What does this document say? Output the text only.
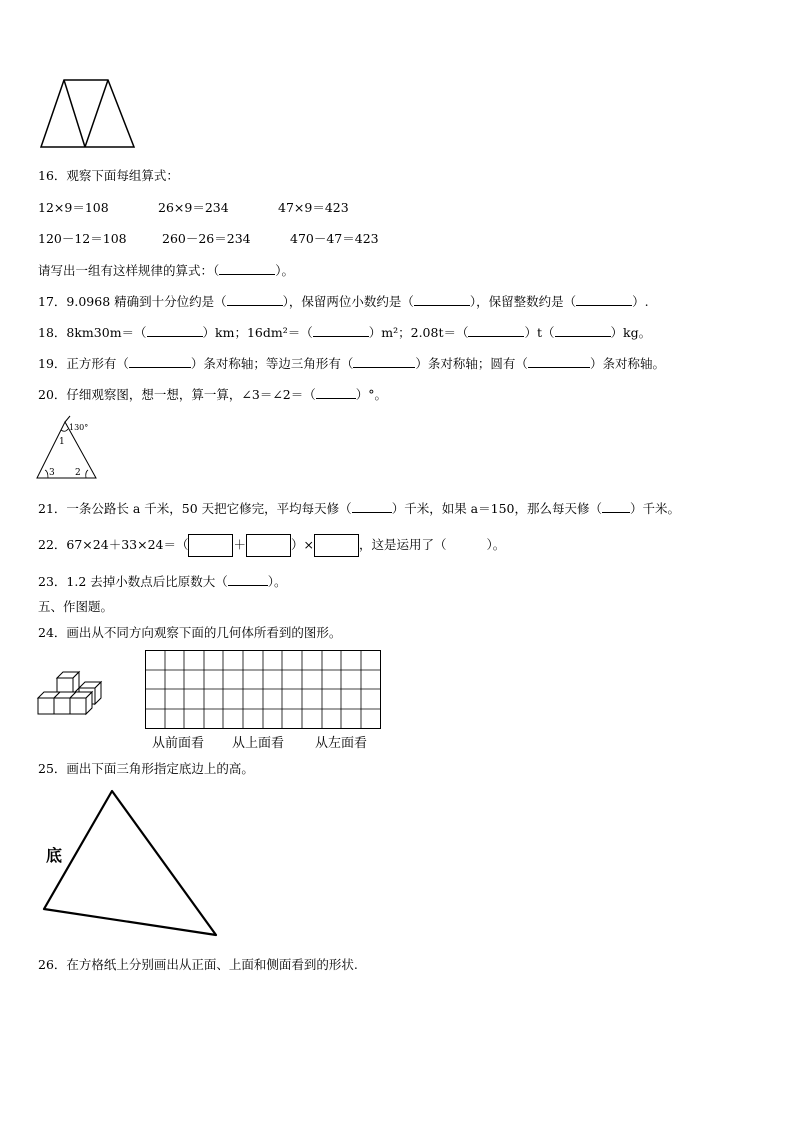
16．观察下面每组算式：
12×9＝108	26×9＝234	47×9＝423
120－12＝108	260－26＝234	470－47＝423
请写出一组有这样规律的算式：（	）。
17．9.0968 精确到十分位约是（	），保留两位小数约是（	），保留整数约是（	）.
18．8km30m＝（	）km；16dm²＝（	）m²；2.08t＝（	）t（	）kg。
19．正方形有（	）条对称轴；等边三角形有（	）条对称轴；圆有（	）条对称轴。
20．仔细观察图，想一想，算一算，∠3＝∠2＝（	）°。
130°
1
3 2
21．一条公路长 a 千米，50 天把它修完，平均每天修（	）千米，如果 a＝150，那么每天修（ ）千米。
22．67×24＋33×24＝（	＋	）×	，这是运用了（	）。
23．1.2 去掉小数点后比原数大（	）。
五、作图题。
24．画出从不同方向观察下面的几何体所看到的图形。
从前面看 从上面看 从左面看
25．画出下面三角形指定底边上的高。
底
26．在方格纸上分别画出从正面、上面和侧面看到的形状.
